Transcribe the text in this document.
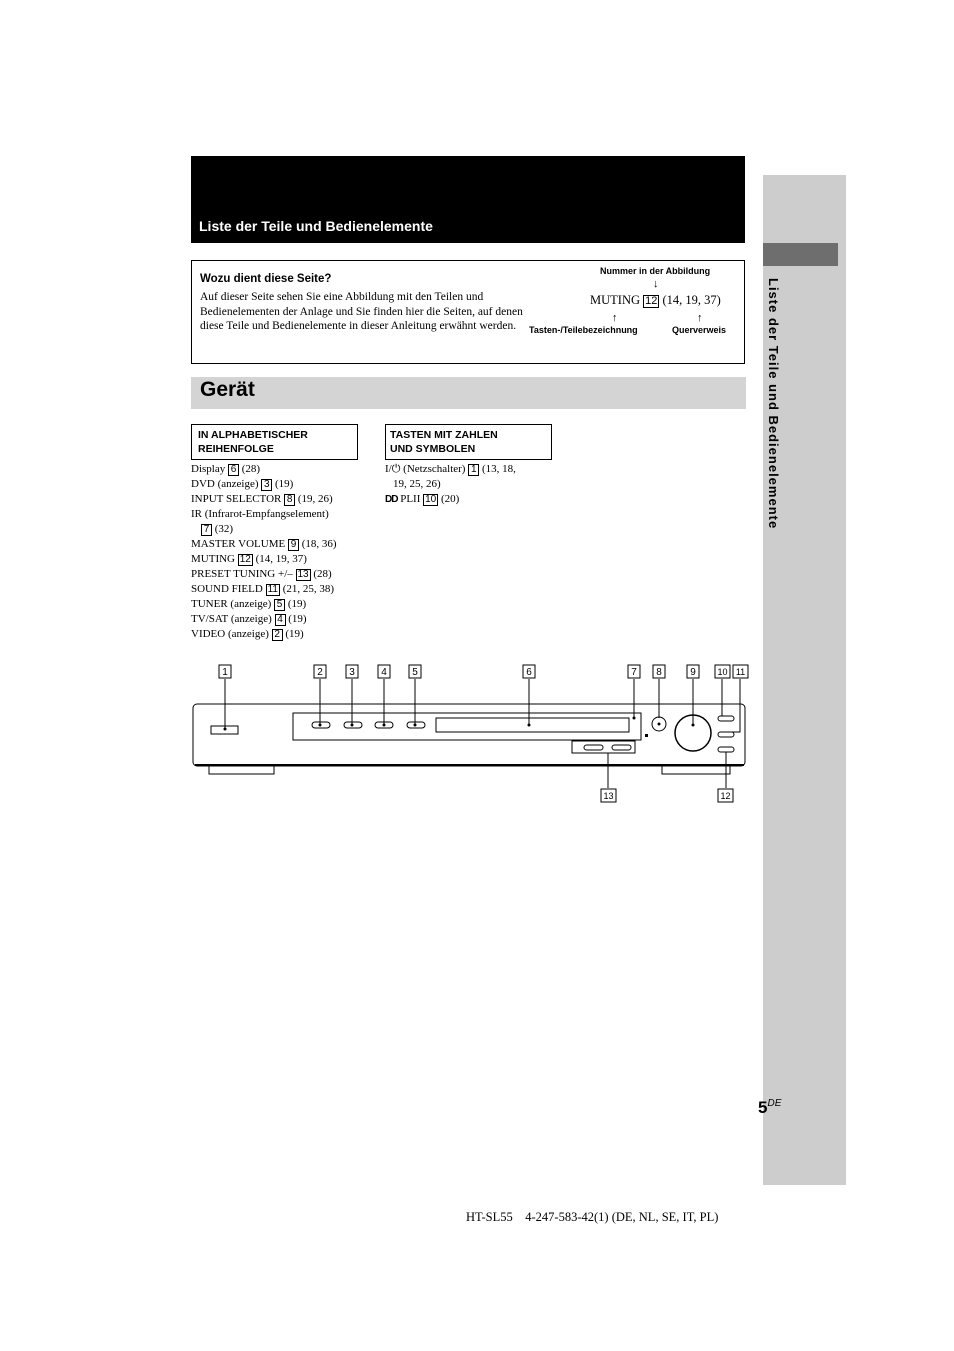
Liste der Teile und Bedienelemente
Liste der Teile und Bedienelemente
Wozu dient diese Seite?
Auf dieser Seite sehen Sie eine Abbildung mit den Teilen und Bedienelementen der Anlage und Sie finden hier die Seiten, auf denen diese Teile und Bedienelemente in dieser Anleitung erwähnt werden.
Nummer in der Abbildung
↓
MUTING 12 (14, 19, 37)
↑	↑
Tasten-/Teilebezeichnung	Querverweis
Gerät
IN ALPHABETISCHER
REIHENFOLGE
Display 6 (28)
DVD (anzeige) 3 (19)
INPUT SELECTOR 8 (19, 26)
IR (Infrarot-Empfangselement)
7 (32)
MASTER VOLUME 9 (18, 36)
MUTING 12 (14, 19, 37)
PRESET TUNING +/– 13 (28)
SOUND FIELD 11 (21, 25, 38)
TUNER (anzeige) 5 (19)
TV/SAT (anzeige) 4 (19)
VIDEO (anzeige) 2 (19)
TASTEN MIT ZAHLEN
UND SYMBOLEN
I/⏻ (Netzschalter) 1 (13, 18,
19, 25, 26)
DD PLII 10 (20)
1	2	3	4	5	6	7 8	9 10 11
12
13
5DE
HT-SL55    4-247-583-42(1) (DE, NL, SE, IT, PL)
